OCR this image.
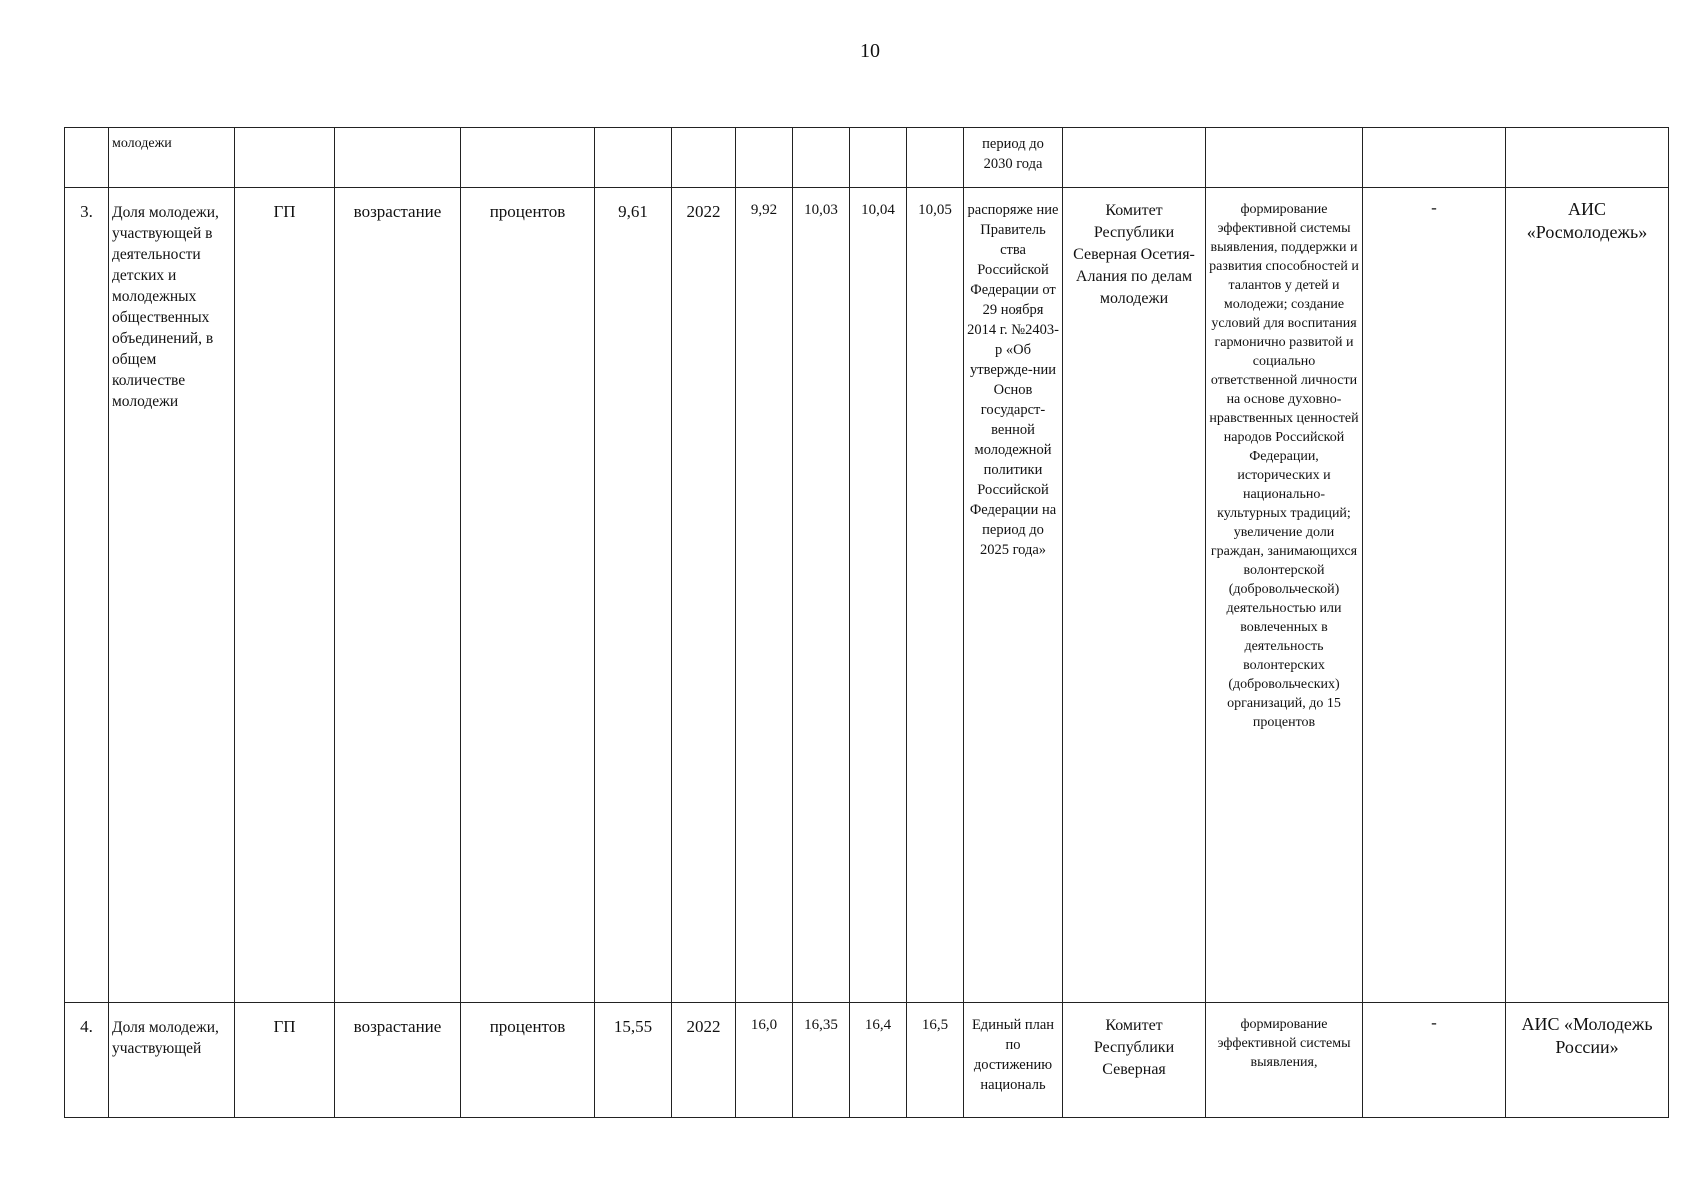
10

	молодежи										период до 2030 года				

3.	Доля молодежи, участвующей в деятельности детских и молодежных общественных объединений, в общем количестве молодежи	ГП	возрастание	процентов	9,61	2022	9,92	10,03	10,04	10,05	распоряже ние Правитель ства Российской Федерации от 29 ноября 2014 г. №2403-р «Об утвержде-нии Основ государст-венной молодежной политики Российской Федерации на период до 2025 года»	Комитет Республики Северная Осетия-Алания по делам молодежи	формирование эффективной системы выявления, поддержки и развития способностей и талантов у детей и молодежи; создание условий для воспитания гармонично развитой и социально ответственной личности на основе духовно-нравственных ценностей народов Российской Федерации, исторических и национально-культурных традиций; увеличение доли граждан, занимающихся волонтерской (добровольческой) деятельностью или вовлеченных в деятельность волонтерских (добровольческих) организаций, до 15 процентов	-	АИС «Росмолодежь»

4.	Доля молодежи, участвующей	ГП	возрастание	процентов	15,55	2022	16,0	16,35	16,4	16,5	Единый план по достижению националь	Комитет Республики Северная	формирование эффективной системы выявления,	-	АИС «Молодежь России»
